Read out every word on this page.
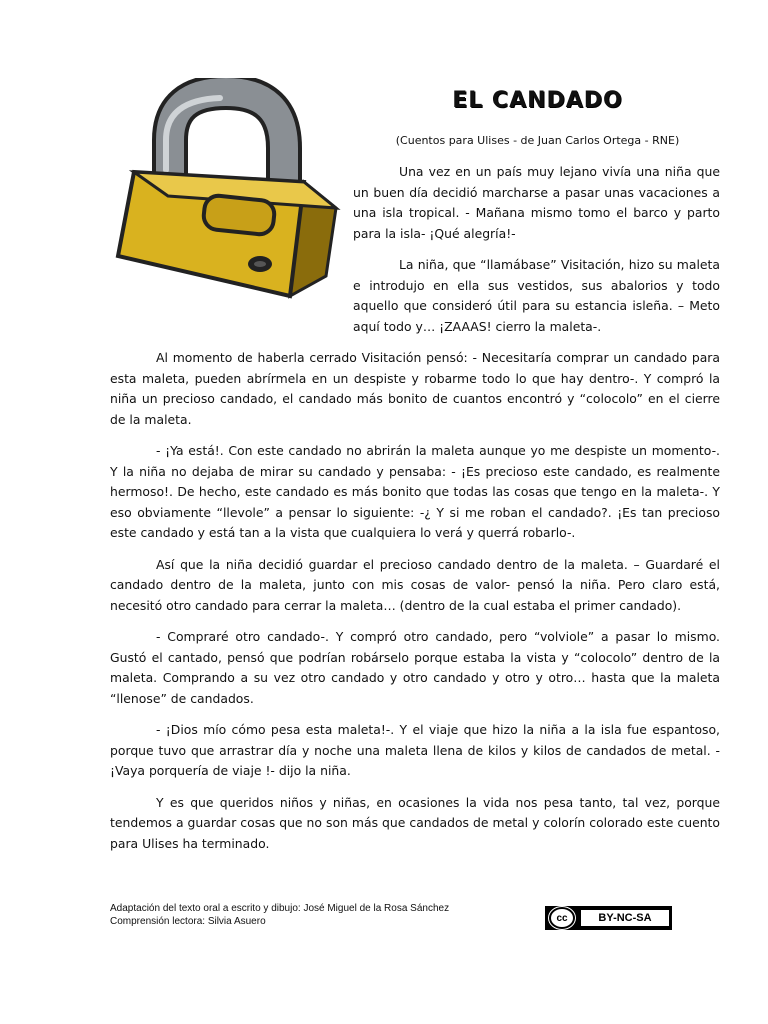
EL CANDADO

(Cuentos para Ulises - de Juan Carlos Ortega - RNE)

Una vez en un país muy lejano vivía una niña que un buen día decidió marcharse a pasar unas vacaciones a una isla tropical. - Mañana mismo tomo el barco y parto para la isla- ¡Qué alegría!-

La niña, que “llamábase” Visitación, hizo su maleta e introdujo en ella sus vestidos, sus abalorios y todo aquello que consideró útil para su estancia isleña. – Meto aquí todo y… ¡ZAAAS! cierro la maleta-.

Al momento de haberla cerrado Visitación pensó: - Necesitaría comprar un candado para esta maleta, pueden abrírmela en un despiste y robarme todo lo que hay dentro-. Y compró la niña un precioso candado, el candado más bonito de cuantos encontró y “colocolo” en el cierre de la maleta.

- ¡Ya está!. Con este candado no abrirán la maleta aunque yo me despiste un momento-. Y la niña no dejaba de mirar su candado y pensaba: - ¡Es precioso este candado, es realmente hermoso!. De hecho, este candado es más bonito que todas las cosas que tengo en la maleta-. Y eso obviamente “llevole” a pensar lo siguiente: -¿ Y si me roban el candado?. ¡Es tan precioso este candado y está tan a la vista que cualquiera lo verá y querrá robarlo-.

Así que la niña decidió guardar el precioso candado dentro de la maleta. – Guardaré el candado dentro de la maleta, junto con mis cosas de valor- pensó la niña. Pero claro está, necesitó otro candado para cerrar la maleta… (dentro de la cual estaba el primer candado).

- Compraré otro candado-. Y compró otro candado, pero “volviole” a pasar lo mismo. Gustó el cantado, pensó que podrían robárselo porque estaba la vista y “colocolo” dentro de la maleta. Comprando a su vez otro candado y otro candado y otro y otro… hasta que la maleta “llenose” de candados.

- ¡Dios mío cómo pesa esta maleta!-. Y el viaje que hizo la niña a la isla fue espantoso, porque tuvo que arrastrar día y noche una maleta llena de kilos y kilos de candados de metal. - ¡Vaya porquería de viaje !- dijo la niña.

Y es que queridos niños y niñas, en ocasiones la vida nos pesa tanto, tal vez, porque tendemos a guardar cosas que no son más que candados de metal y colorín colorado este cuento para Ulises ha terminado.

Adaptación del texto oral a escrito y dibujo: José Miguel de la Rosa Sánchez
Comprensión lectora: Silvia Asuero	cc	BY-NC-SA
